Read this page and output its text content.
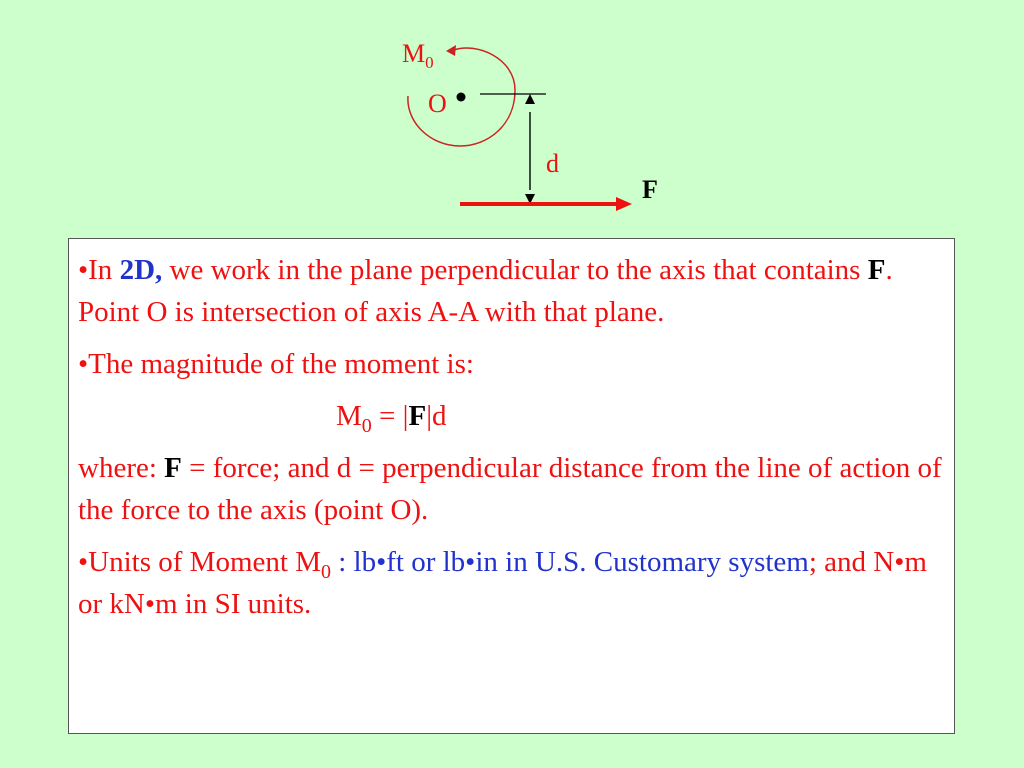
$M_0$
O
d
F

•In 2D, we work in the plane perpendicular to the axis that contains F. Point O is intersection of axis A-A with that plane.

•The magnitude of the moment is:

$M_0 = |F|d$

where: F = force; and d = perpendicular distance from the line of action of the force to the axis (point O).

•Units of Moment $M_0$ : lb•ft or lb•in in U.S. Customary system; and N•m or kN•m in SI units.
